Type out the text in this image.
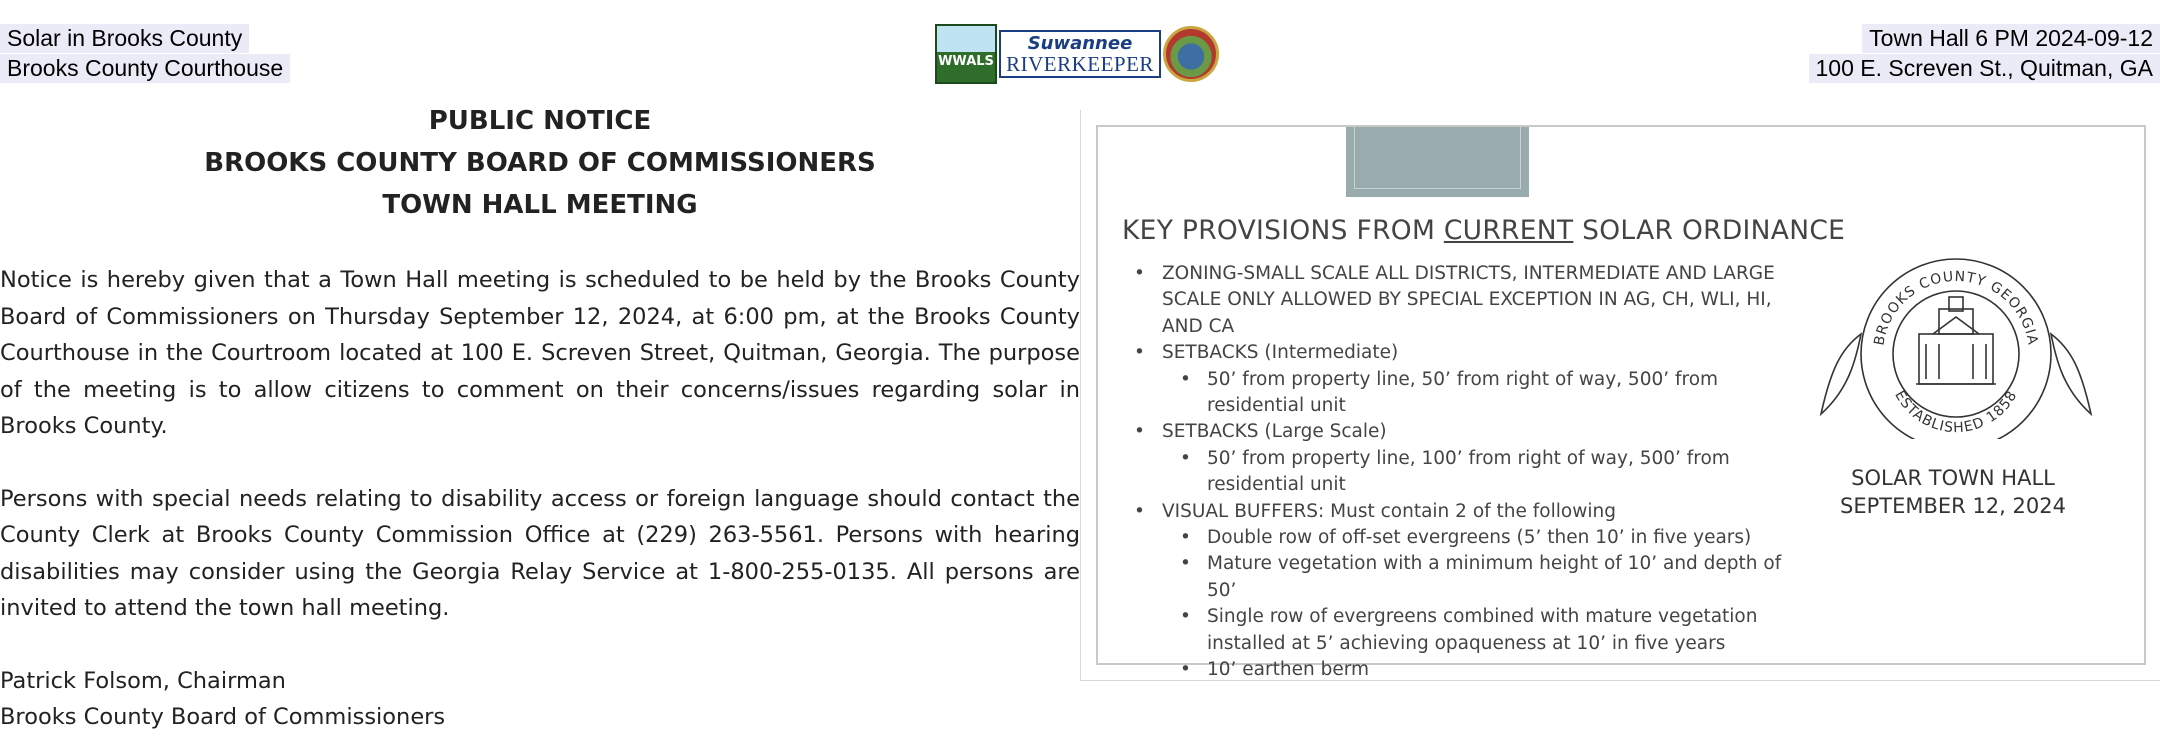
Solar in Brooks County
Brooks County Courthouse
Town Hall 6 PM 2024-09-12
100 E. Screven St., Quitman, GA
WWALS
Suwannee
RIVERKEEPER
PUBLIC NOTICE
BROOKS COUNTY BOARD OF COMMISSIONERS
TOWN HALL MEETING
Notice is hereby given that a Town Hall meeting is scheduled to be held by the Brooks County Board of Commissioners on Thursday September 12, 2024, at 6:00 pm, at the Brooks County Courthouse in the Courtroom located at 100 E. Screven Street, Quitman, Georgia. The purpose of the meeting is to allow citizens to comment on their concerns/issues regarding solar in Brooks County.
Persons with special needs relating to disability access or foreign language should contact the County Clerk at Brooks County Commission Office at (229) 263-5561. Persons with hearing disabilities may consider using the Georgia Relay Service at 1-800-255-0135. All persons are invited to attend the town hall meeting.
Patrick Folsom, Chairman
Brooks County Board of Commissioners
KEY PROVISIONS FROM CURRENT SOLAR ORDINANCE
• ZONING-SMALL SCALE ALL DISTRICTS, INTERMEDIATE AND LARGE SCALE ONLY ALLOWED BY SPECIAL EXCEPTION IN AG, CH, WLI, HI, AND CA
• SETBACKS (Intermediate)
• 50’ from property line, 50’ from right of way, 500’ from residential unit
• SETBACKS (Large Scale)
• 50’ from property line, 100’ from right of way, 500’ from residential unit
• VISUAL BUFFERS: Must contain 2 of the following
• Double row of off-set evergreens (5’ then 10’ in five years)
• Mature vegetation with a minimum height of 10’ and depth of 50’
• Single row of evergreens combined with mature vegetation installed at 5’ achieving opaqueness at 10’ in five years
• 10’ earthen berm
BROOKS COUNTY GEORGIA
ESTABLISHED 1858
SOLAR TOWN HALL
SEPTEMBER 12, 2024
